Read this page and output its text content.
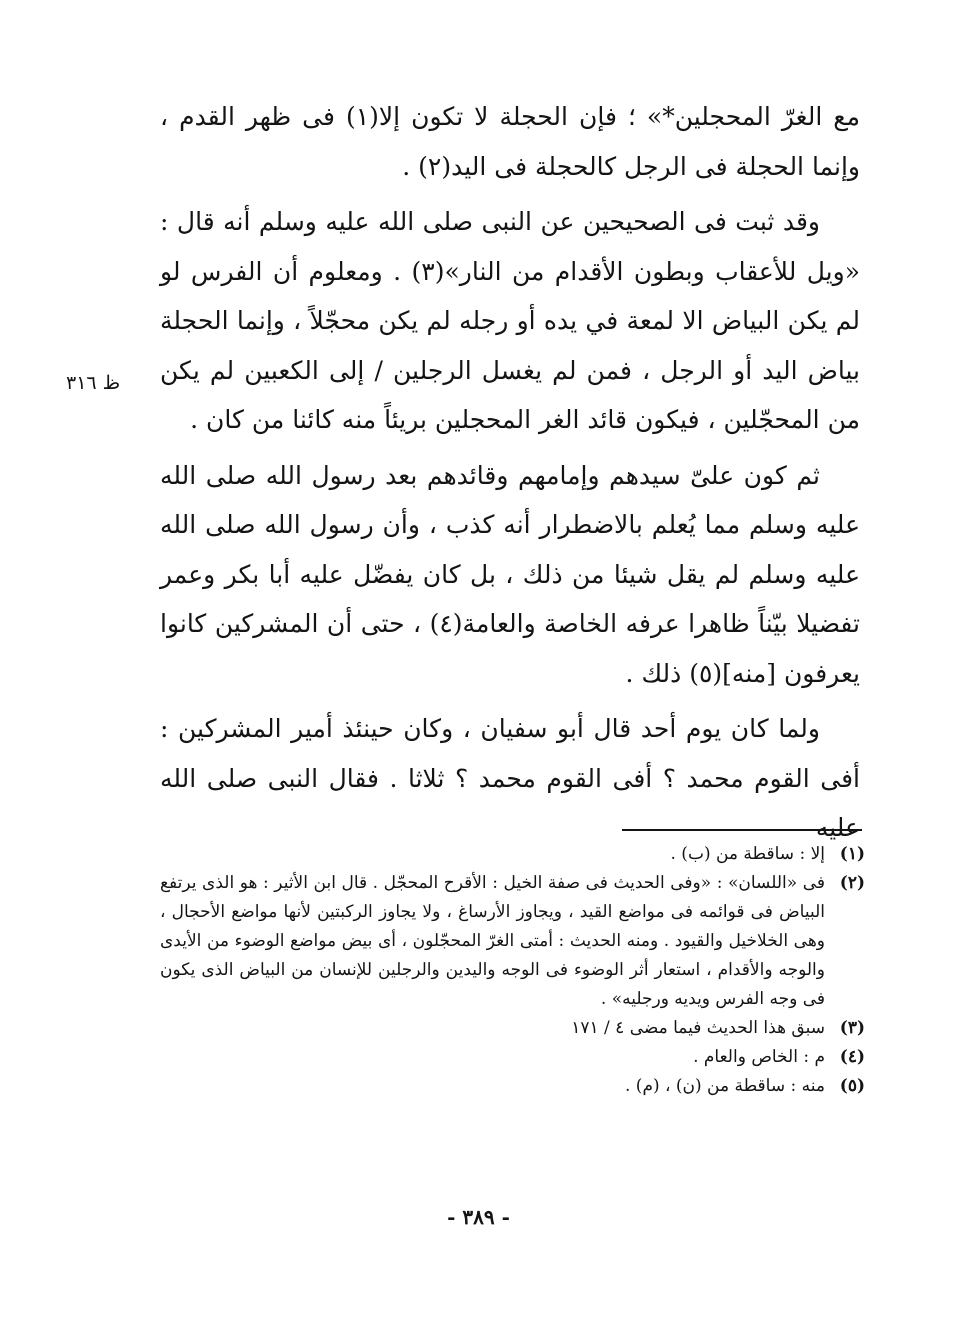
مع الغرّ المحجلين*» ؛ فإن الحجلة لا تكون إلا(١) فى ظهر القدم ، وإنما الحجلة فى الرجل كالحجلة فى اليد(٢) .

وقد ثبت فى الصحيحين عن النبى صلى الله عليه وسلم أنه قال : «ويل للأعقاب وبطون الأقدام من النار»(٣) . ومعلوم أن الفرس لو لم يكن البياض الا لمعة في يده أو رجله لم يكن محجّلاً ، وإنما الحجلة بياض اليد أو الرجل ، فمن لم يغسل الرجلين / إلى الكعبين لم يكن من المحجّلين ، فيكون قائد الغر المحجلين بريئاً منه كائنا من كان .

ثم كون علىّ سيدهم وإمامهم وقائدهم بعد رسول الله صلى الله عليه وسلم مما يُعلم بالاضطرار أنه كذب ، وأن رسول الله صلى الله عليه وسلم لم يقل شيئا من ذلك ، بل كان يفضّل عليه أبا بكر وعمر تفضيلا بيّناً ظاهرا عرفه الخاصة والعامة(٤) ، حتى أن المشركين كانوا يعرفون [منه](٥) ذلك .

ولما كان يوم أحد قال أبو سفيان ، وكان حينئذ أمير المشركين : أفى القوم محمد ؟ أفى القوم محمد ؟ ثلاثا . فقال النبى صلى الله عليه

ظ ٣١٦
(١)
إلا : ساقطة من (ب) .
(٢)
فى «اللسان» : «وفى الحديث فى صفة الخيل : الأقرح المحجّل . قال ابن الأثير : هو الذى يرتفع البياض فى قوائمه فى مواضع القيد ، ويجاوز الأرساغ ، ولا يجاوز الركبتين لأنها مواضع الأحجال ، وهى الخلاخيل والقيود . ومنه الحديث : أمتى الغرّ المحجّلون ، أى بيض مواضع الوضوء من الأيدى والوجه والأقدام ، استعار أثر الوضوء فى الوجه واليدين والرجلين للإنسان من البياض الذى يكون فى وجه الفرس ويديه ورجليه» .
(٣)
سبق هذا الحديث فيما مضى ٤ / ١٧١
(٤)
م : الخاص والعام .
(٥)
منه : ساقطة من (ن) ، (م) .
- ٣٨٩ -
